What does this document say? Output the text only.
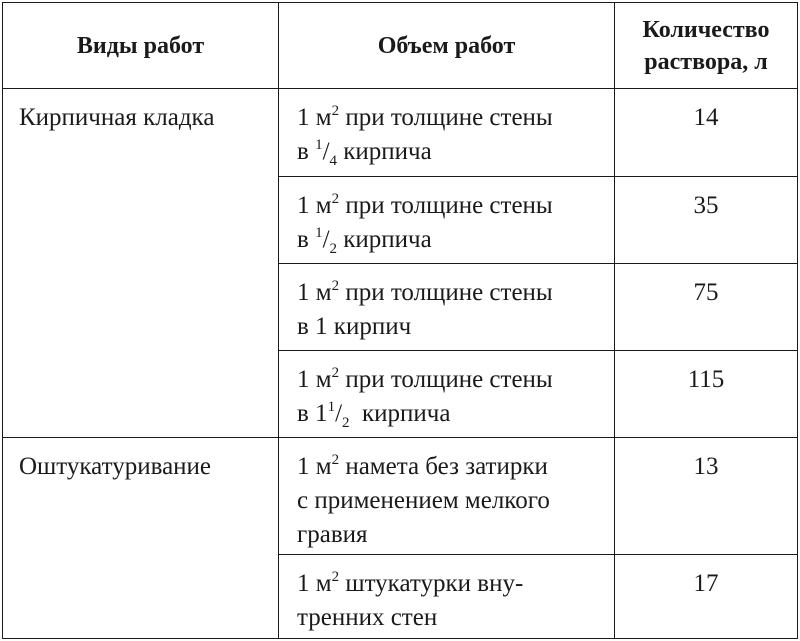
Виды работ	Объем работ	Количество
раствора, л

Кирпичная кладка	1 $м^2$ при толщине стены
в $^1/_4$ кирпича	14

	1 $м^2$ при толщине стены
в $^1/_2$ кирпича	35

	1 $м^2$ при толщине стены
в 1 кирпич	75

	1 $м^2$ при толщине стены
в $1^1/_2$  кирпича	115
Оштукатуривание	1 $м^2$ намета без затирки
с применением мелкого
гравия	13

	1 $м^2$ штукатурки вну-
тренних стен	17
